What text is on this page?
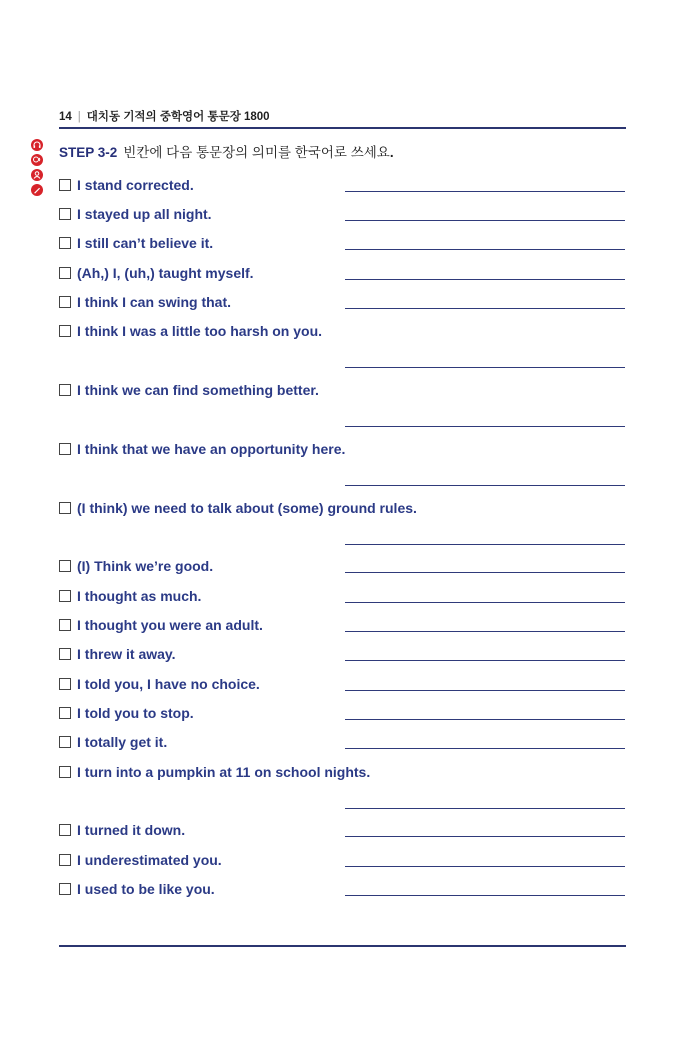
14 | 대치동 기적의 중학영어 통문장 1800
STEP 3-2 빈칸에 다음 통문장의 의미를 한국어로 쓰세요.
I stand corrected.
I stayed up all night.
I still can’t believe it.
(Ah,) I, (uh,) taught myself.
I think I can swing that.
I think I was a little too harsh on you.
I think we can find something better.
I think that we have an opportunity here.
(I think) we need to talk about (some) ground rules.
(I) Think we’re good.
I thought as much.
I thought you were an adult.
I threw it away.
I told you, I have no choice.
I told you to stop.
I totally get it.
I turn into a pumpkin at 11 on school nights.
I turned it down.
I underestimated you.
I used to be like you.
